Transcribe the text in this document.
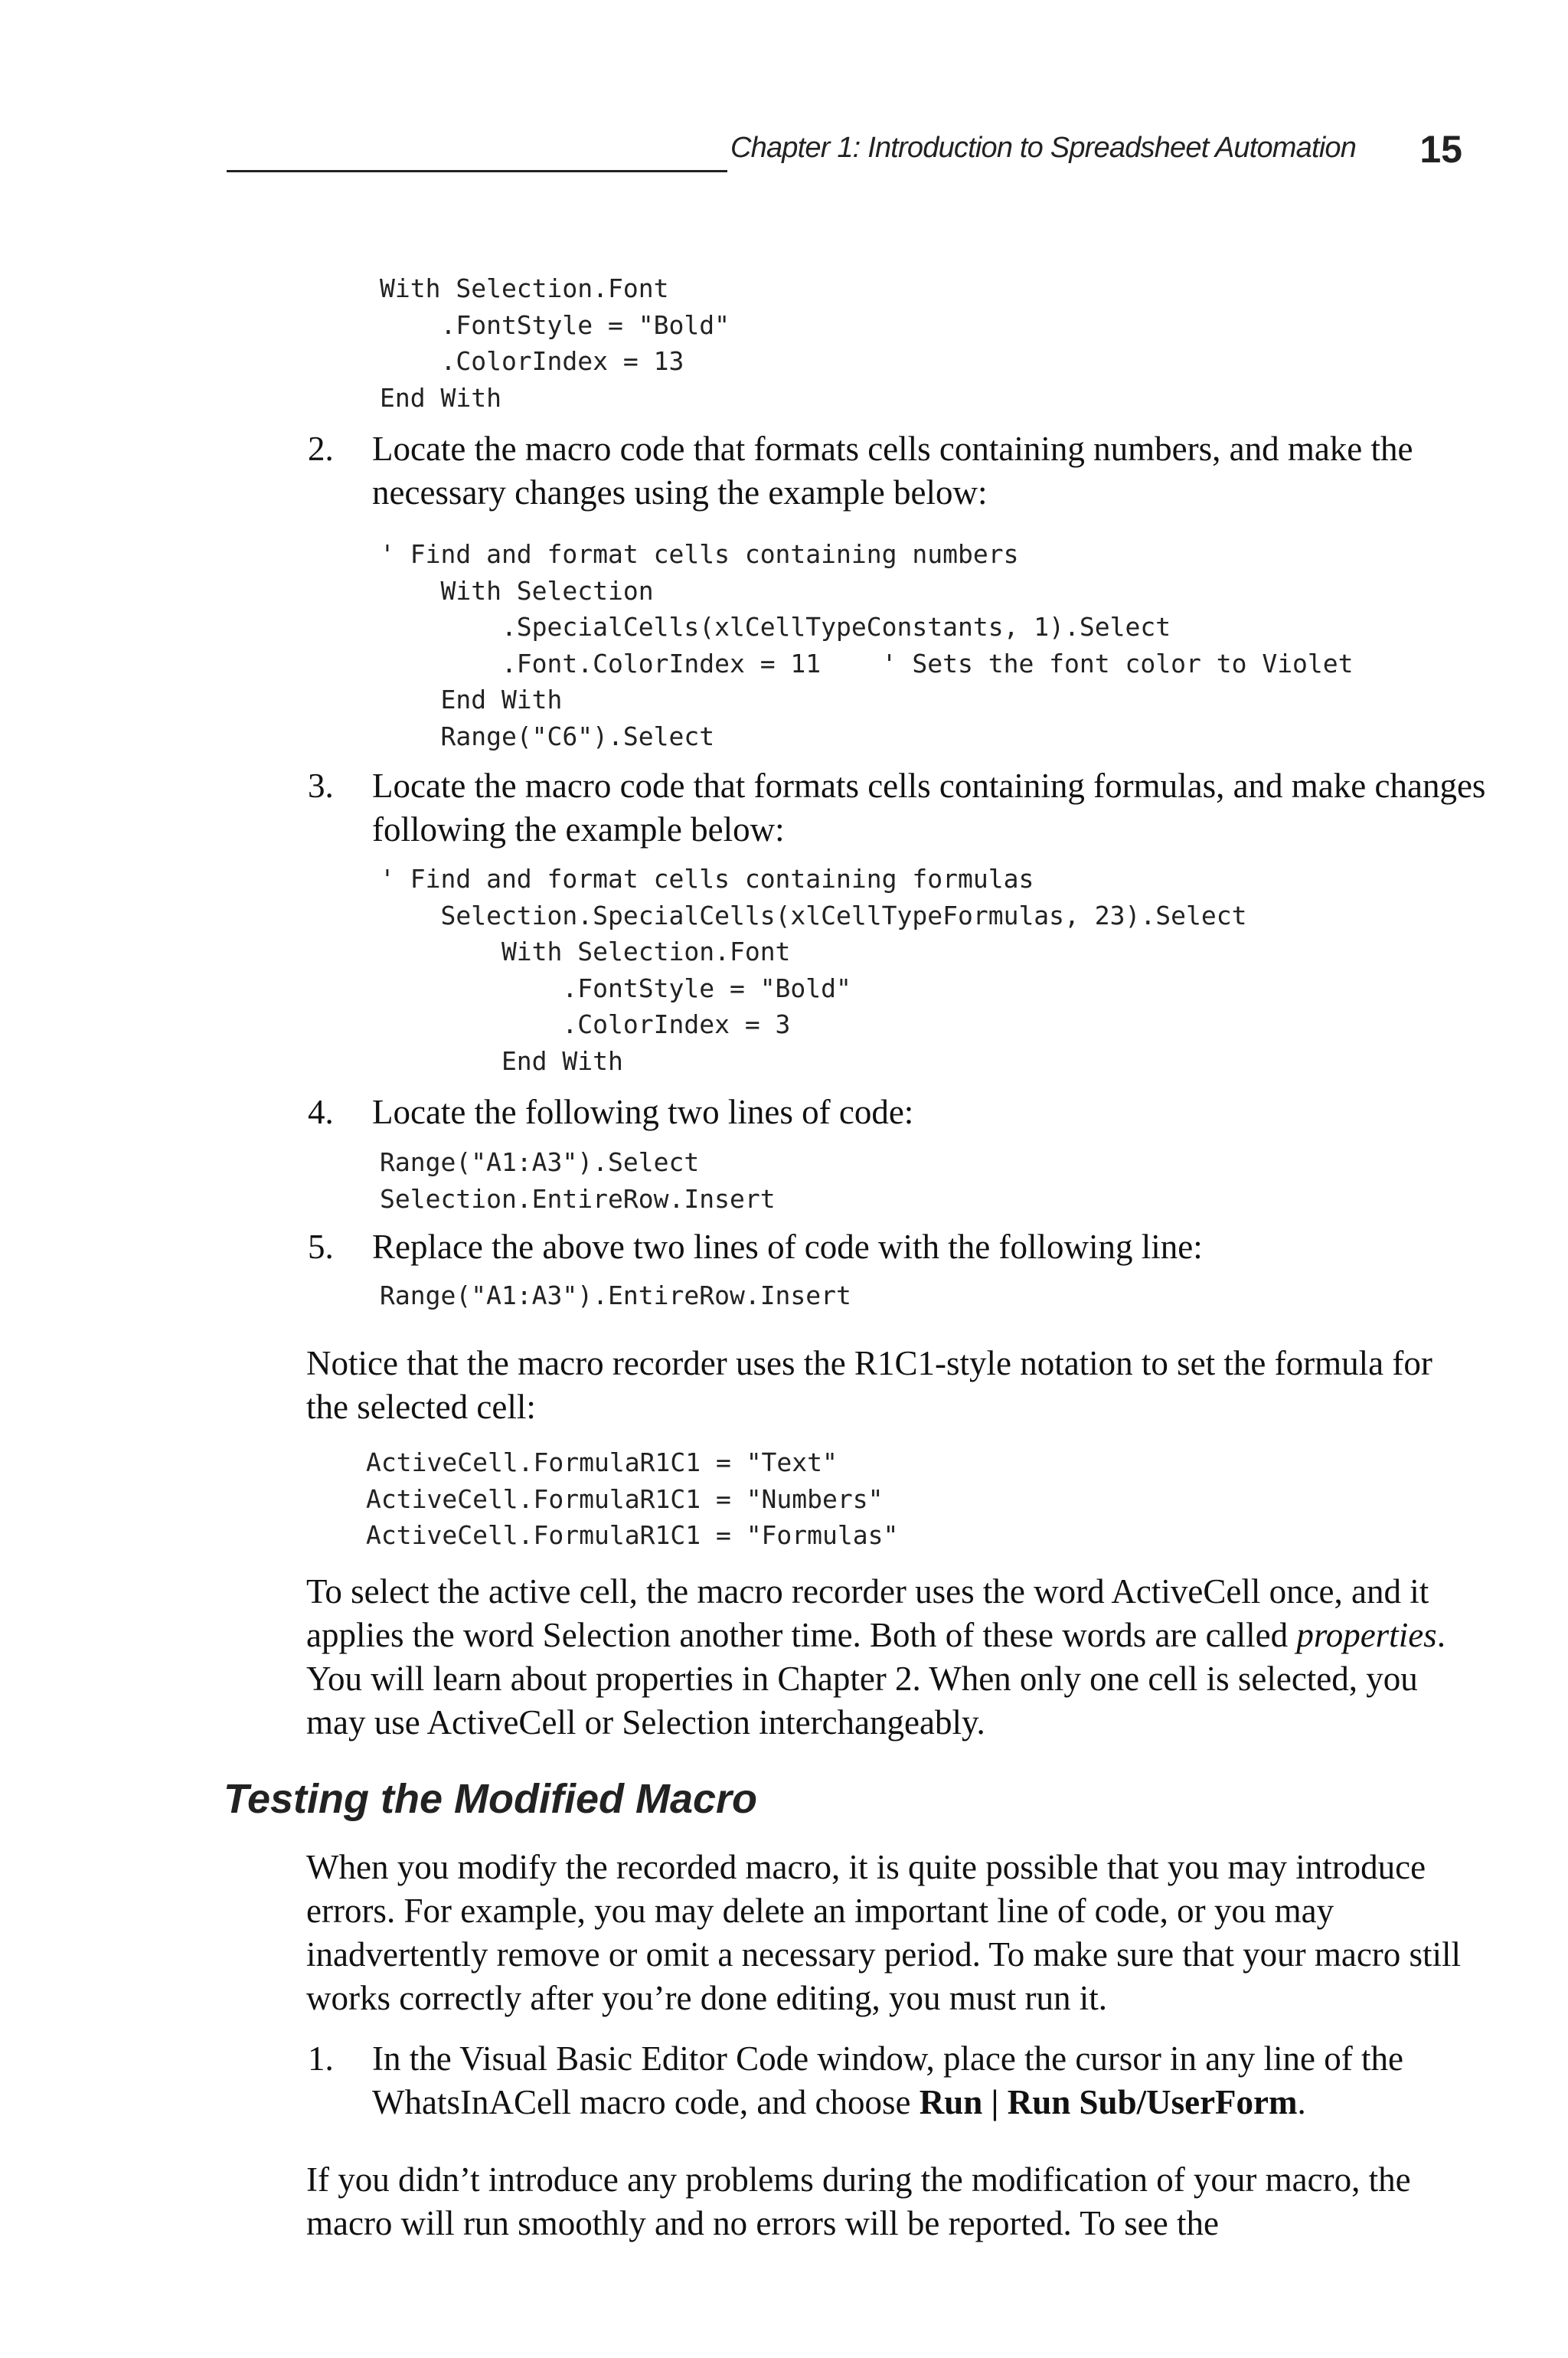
Chapter 1: Introduction to Spreadsheet Automation 15
With Selection.Font
.FontStyle = "Bold"
.ColorIndex = 13
End With
2. Locate the macro code that formats cells containing numbers, and make the necessary changes using the example below:
' Find and format cells containing numbers
With Selection
.SpecialCells(xlCellTypeConstants, 1).Select
.Font.ColorIndex = 11    ' Sets the font color to Violet
End With
Range("C6").Select
3. Locate the macro code that formats cells containing formulas, and make changes following the example below:
' Find and format cells containing formulas
Selection.SpecialCells(xlCellTypeFormulas, 23).Select
With Selection.Font
.FontStyle = "Bold"
.ColorIndex = 3
End With
4. Locate the following two lines of code:
Range("A1:A3").Select
Selection.EntireRow.Insert
5. Replace the above two lines of code with the following line:
Range("A1:A3").EntireRow.Insert

Notice that the macro recorder uses the R1C1-style notation to set the formula for the selected cell:

ActiveCell.FormulaR1C1 = "Text"
ActiveCell.FormulaR1C1 = "Numbers"
ActiveCell.FormulaR1C1 = "Formulas"

To select the active cell, the macro recorder uses the word ActiveCell once, and it applies the word Selection another time. Both of these words are called properties. You will learn about properties in Chapter 2. When only one cell is selected, you may use ActiveCell or Selection interchangeably.

Testing the Modified Macro

When you modify the recorded macro, it is quite possible that you may introduce errors. For example, you may delete an important line of code, or you may inadvertently remove or omit a necessary period. To make sure that your macro still works correctly after you’re done editing, you must run it.

1. In the Visual Basic Editor Code window, place the cursor in any line of the WhatsInACell macro code, and choose Run | Run Sub/UserForm.

If you didn’t introduce any problems during the modification of your macro, the macro will run smoothly and no errors will be reported. To see the
